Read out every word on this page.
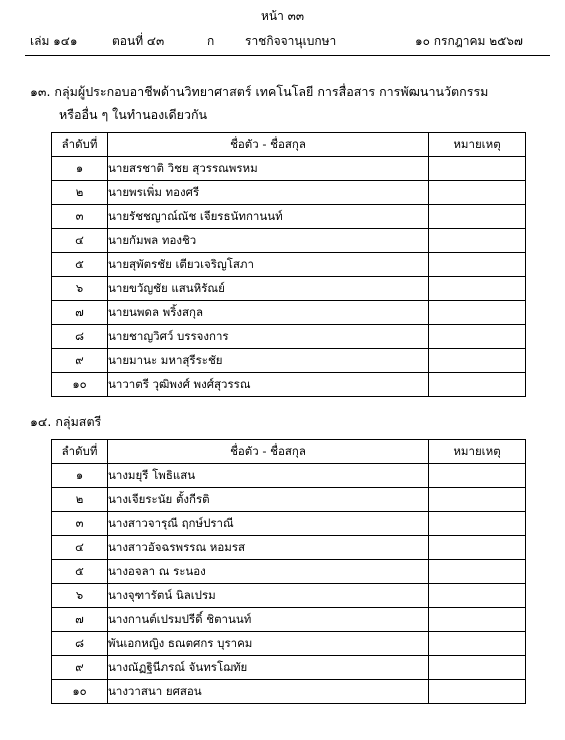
หน้า ๓๓
เล่ม ๑๔๑	ตอนที่ ๔๓	ก	ราชกิจจานุเบกษา	๑๐ กรกฎาคม ๒๕๖๗
๑๓. กลุ่มผู้ประกอบอาชีพด้านวิทยาศาสตร์ เทคโนโลยี การสื่อสาร การพัฒนานวัตกรรม
หรืออื่น ๆ ในทำนองเดียวกัน
ลำดับที่	ชื่อตัว - ชื่อสกุล	หมายเหตุ
๑	นายสรชาติ วิชย สุวรรณพรหม	
๒	นายพรเพิ่ม ทองศรี	
๓	นายรัชชญาณ์ณัช เจียรธนัทกานนท์	
๔	นายกัมพล ทองชิว	
๕	นายสุพัตรชัย เตียวเจริญโสภา	
๖	นายขวัญชัย แสนหิรัณย์	
๗	นายนพดล พริ้งสกุล	
๘	นายชาญวิศว์ บรรจงการ	
๙	นายมานะ มหาสุรีระชัย	
๑๐	นาวาตรี วุฒิพงศ์ พงศ์สุวรรณ	
๑๔. กลุ่มสตรี
ลำดับที่	ชื่อตัว - ชื่อสกุล	หมายเหตุ
๑	นางมยุรี โพธิแสน	
๒	นางเจียระนัย ตั้งกีรติ	
๓	นางสาวจารุณี ฤกษ์ปราณี	
๔	นางสาวอัจฉรพรรณ หอมรส	
๕	นางอจลา ณ ระนอง	
๖	นางจุฑารัตน์ นิลเปรม	
๗	นางกานต์เปรมปรีดิ์ ชิตานนท์	
๘	พันเอกหญิง ธณตศกร บุราคม	
๙	นางณัฏฐินีภรณ์ จันทรโฌทัย	
๑๐	นางวาสนา ยศสอน	
